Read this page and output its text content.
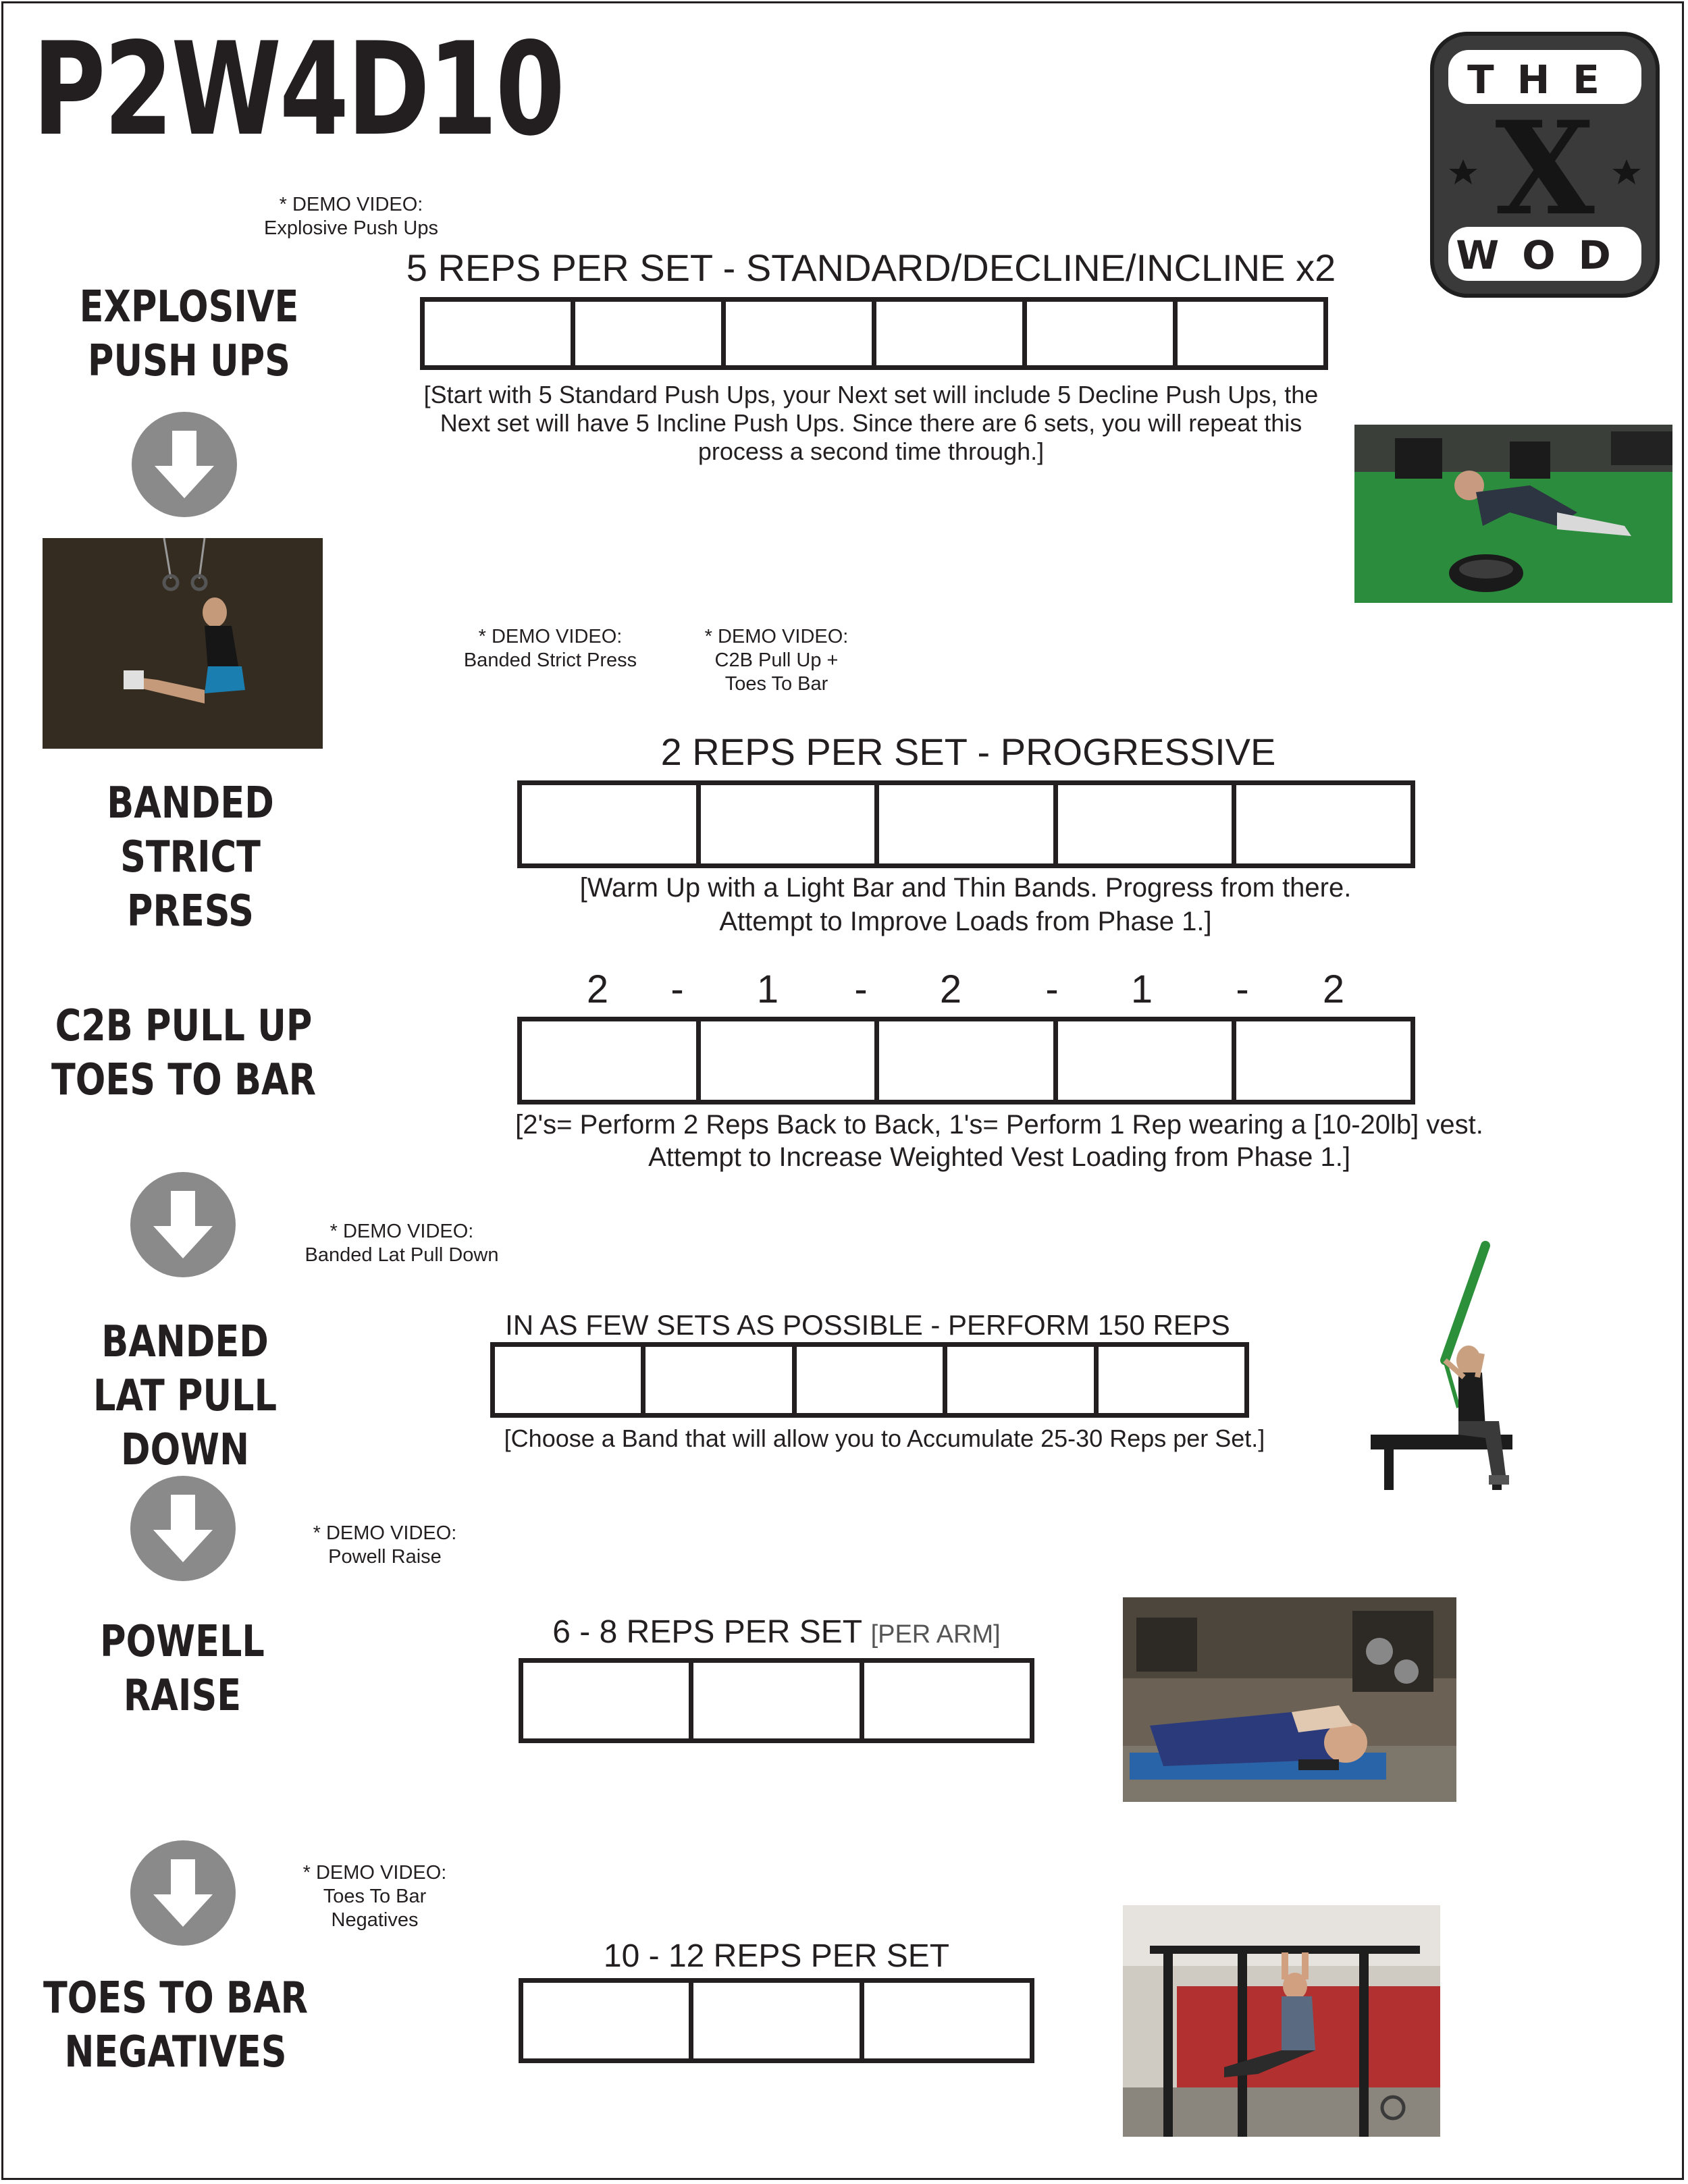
P2W4D10	THE
WOD
X
* DEMO VIDEO:
Explosive Push Ups
EXPLOSIVE
PUSH UPS
5 REPS PER SET - STANDARD/DECLINE/INCLINE x2
[Start with 5 Standard Push Ups, your Next set will include 5 Decline Push Ups, the
Next set will have 5 Incline Push Ups. Since there are 6 sets, you will repeat this
process a second time through.]
* DEMO VIDEO:
Banded Strict Press
* DEMO VIDEO:
C2B Pull Up +
Toes To Bar
2 REPS PER SET - PROGRESSIVE
BANDED
STRICT PRESS	[Warm Up with a Light Bar and Thin Bands. Progress from there.
Attempt to Improve Loads from Phase 1.]
2	-	1	-	2	-	1	-	2
C2B PULL UP
TOES TO BAR
[2's= Perform 2 Reps Back to Back, 1's= Perform 1 Rep wearing a [10-20lb] vest.
Attempt to Increase Weighted Vest Loading from Phase 1.]
* DEMO VIDEO:
Banded Lat Pull Down
IN AS FEW SETS AS POSSIBLE - PERFORM 150 REPS
BANDED
LAT PULL DOWN	[Choose a Band that will allow you to Accumulate 25-30 Reps per Set.]
* DEMO VIDEO:
Powell Raise
POWELL
RAISE
6 - 8 REPS PER SET [PER ARM]
* DEMO VIDEO:
Toes To Bar
Negatives
TOES TO BAR
NEGATIVES
10 - 12 REPS PER SET
